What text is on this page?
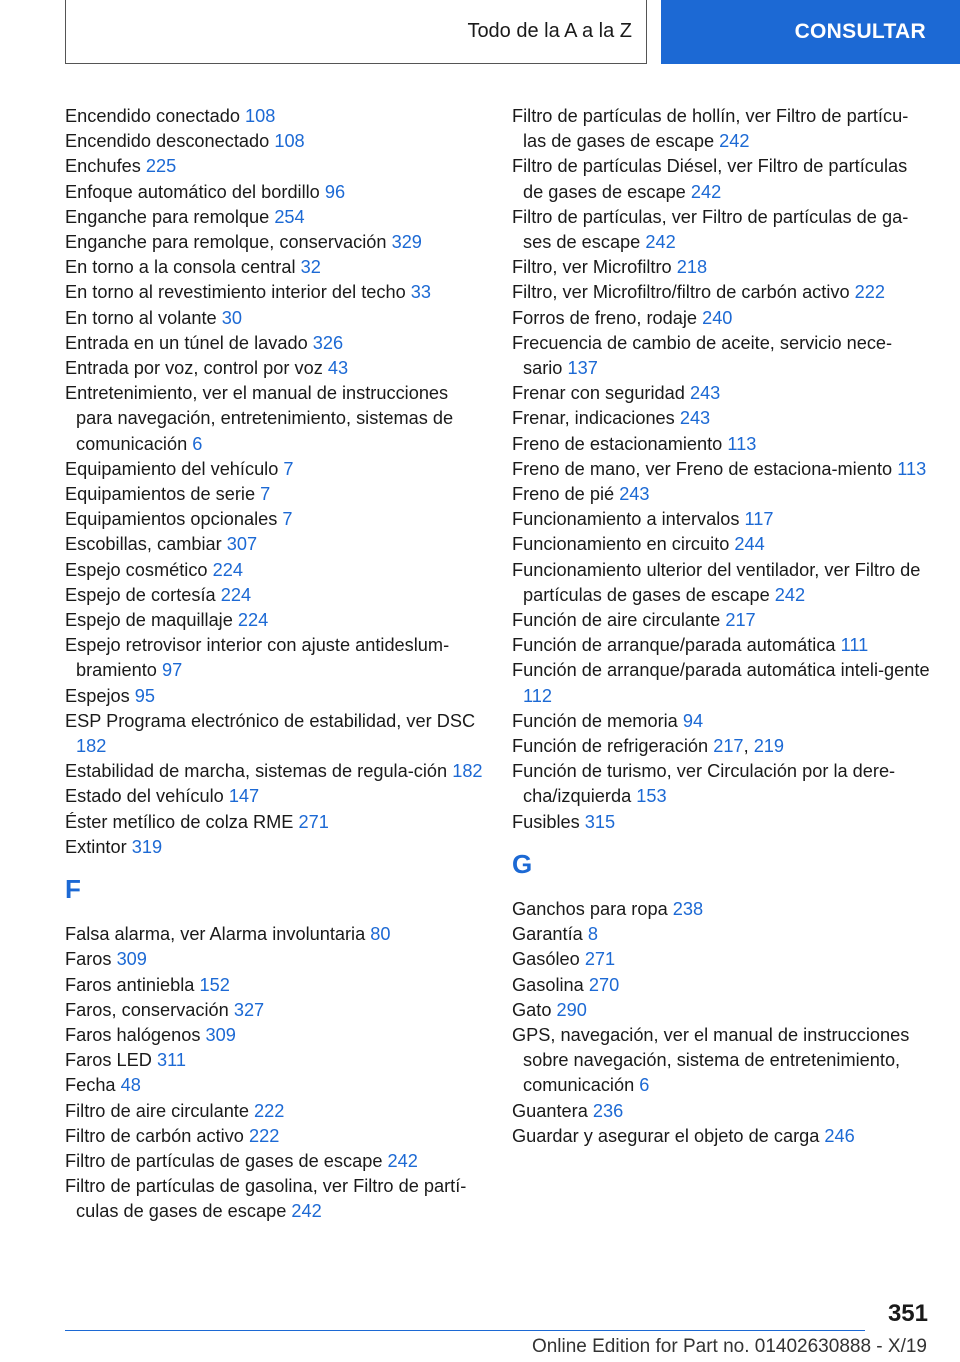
Todo de la A a la Z	CONSULTAR
Encendido conectado 108
Encendido desconectado 108
Enchufes 225
Enfoque automático del bordillo 96
Enganche para remolque 254
Enganche para remolque, conservación 329
En torno a la consola central 32
En torno al revestimiento interior del techo 33
En torno al volante 30
Entrada en un túnel de lavado 326
Entrada por voz, control por voz 43
Entretenimiento, ver el manual de instrucciones para navegación, entretenimiento, sistemas de comunicación 6
Equipamiento del vehículo 7
Equipamientos de serie 7
Equipamientos opcionales 7
Escobillas, cambiar 307
Espejo cosmético 224
Espejo de cortesía 224
Espejo de maquillaje 224
Espejo retrovisor interior con ajuste antideslum-bramiento 97
Espejos 95
ESP Programa electrónico de estabilidad, ver DSC 182
Estabilidad de marcha, sistemas de regula-ción 182
Estado del vehículo 147
Éster metílico de colza RME 271
Extintor 319
F
Falsa alarma, ver Alarma involuntaria 80
Faros 309
Faros antiniebla 152
Faros, conservación 327
Faros halógenos 309
Faros LED 311
Fecha 48
Filtro de aire circulante 222
Filtro de carbón activo 222
Filtro de partículas de gases de escape 242
Filtro de partículas de gasolina, ver Filtro de partí-culas de gases de escape 242
Filtro de partículas de hollín, ver Filtro de partícu-las de gases de escape 242
Filtro de partículas Diésel, ver Filtro de partículas de gases de escape 242
Filtro de partículas, ver Filtro de partículas de ga-ses de escape 242
Filtro, ver Microfiltro 218
Filtro, ver Microfiltro/filtro de carbón activo 222
Forros de freno, rodaje 240
Frecuencia de cambio de aceite, servicio nece-sario 137
Frenar con seguridad 243
Frenar, indicaciones 243
Freno de estacionamiento 113
Freno de mano, ver Freno de estaciona-miento 113
Freno de pié 243
Funcionamiento a intervalos 117
Funcionamiento en circuito 244
Funcionamiento ulterior del ventilador, ver Filtro de partículas de gases de escape 242
Función de aire circulante 217
Función de arranque/parada automática 111
Función de arranque/parada automática inteli-gente 112
Función de memoria 94
Función de refrigeración 217, 219
Función de turismo, ver Circulación por la dere-cha/izquierda 153
Fusibles 315
G
Ganchos para ropa 238
Garantía 8
Gasóleo 271
Gasolina 270
Gato 290
GPS, navegación, ver el manual de instrucciones sobre navegación, sistema de entretenimiento, comunicación 6
Guantera 236
Guardar y asegurar el objeto de carga 246
351
Online Edition for Part no. 01402630888 - X/19
